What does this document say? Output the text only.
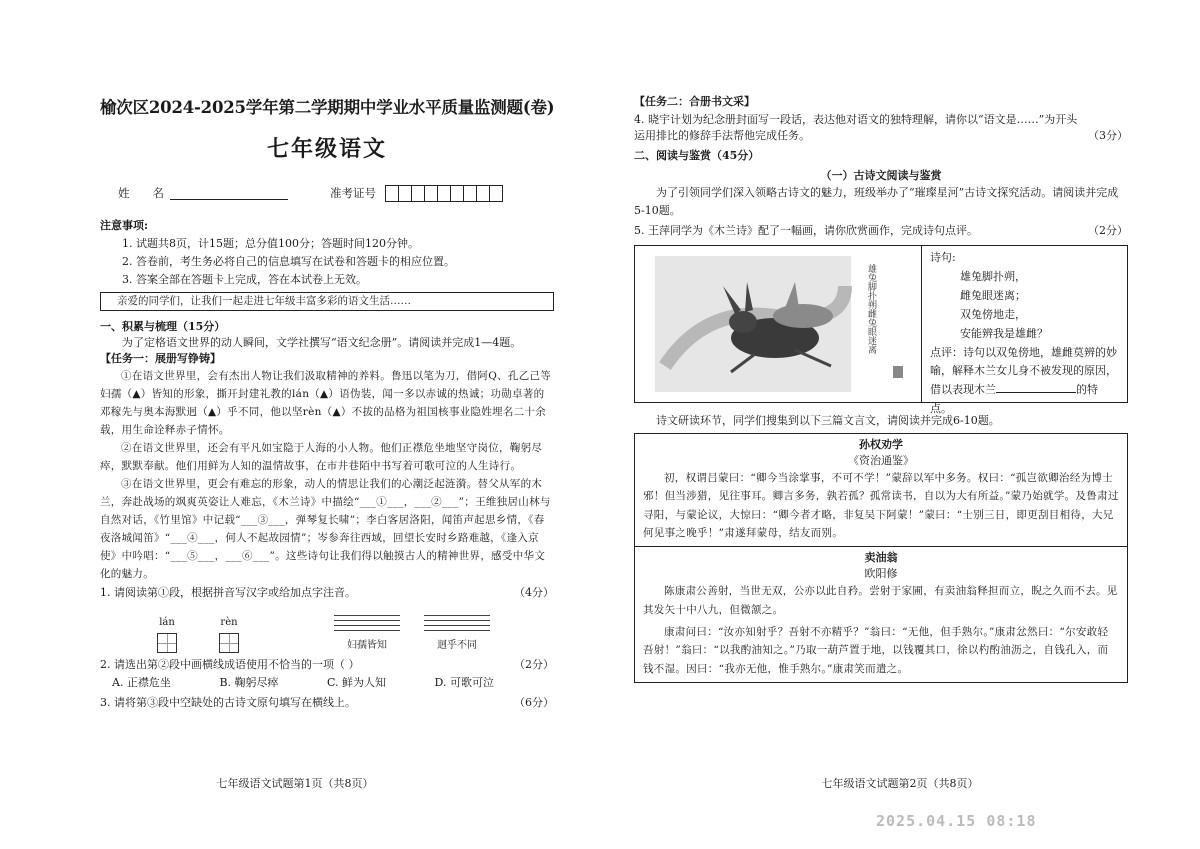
榆次区2024-2025学年第二学期期中学业水平质量监测题(卷)
七年级语文
姓　　名	准考证号

注意事项:

1. 试题共8页，计15题；总分值100分；答题时间120分钟。

2. 答卷前，考生务必将自己的信息填写在试卷和答题卡的相应位置。

3. 答案全部在答题卡上完成，答在本试卷上无效。

亲爱的同学们，让我们一起走进七年级丰富多彩的语文生活……

一、积累与梳理（15分）

为了定格语文世界的动人瞬间，文学社撰写“语文纪念册”。请阅读并完成1—4题。

【任务一：展册写铮铸】

①在语文世界里，会有杰出人物让我们汲取精神的养料。鲁迅以笔为刀，借阿Q、孔乙己等妇孺（▲）皆知的形象，撕开封建礼教的lán（▲）语伪装，闻一多以赤诚的热诚；功勋卓著的邓稼先与奥本海默迥（▲）乎不同，他以坚rèn（▲）不拔的品格为祖国核事业隐姓埋名二十余载，用生命诠释赤子情怀。

②在语文世界里，还会有平凡如宝隐于人海的小人物。他们正襟危坐地坚守岗位，鞠躬尽瘁，默默奉献。他们用鲜为人知的温情故事，在市井巷陌中书写着可歌可泣的人生诗行。

③在语文世界里，更会有难忘的形象，动人的情思让我们的心潮泛起涟漪。替父从军的木兰，奔赴战场的飒爽英姿让人难忘，《木兰诗》中描绘“___①___，___②___”；王维独居山林与自然对话，《竹里馆》中记载“___③___，弹琴复长啸”；李白客居洛阳，闻笛声起思乡情，《春夜洛城闻笛》“___④___，何人不起故园情”；岑参奔往西域，回望长安时乡路难越，《逢入京使》中吟唱：“___⑤___，___⑥___”。这些诗句让我们得以触摸古人的精神世界，感受中华文化的魅力。

1. 请阅读第①段，根据拼音写汉字或给加点字注音。	（4分）
lán	rèn
妇孺皆知	迥乎不同
2. 请选出第②段中画横线成语使用不恰当的一项（ ）	（2分）
A. 正襟危坐	B. 鞠躬尽瘁	C. 鲜为人知	D. 可歌可泣
3. 请将第③段中空缺处的古诗文原句填写在横线上。	（6分）
七年级语文试题第1页（共8页）

【任务二：合册书文采】

4. 晓宇计划为纪念册封面写一段话，表达他对语文的独特理解，请你以“语文是……”为开头运用排比的修辞手法帮他完成任务。	（3分）

二、阅读与鉴赏（45分）

（一）古诗文阅读与鉴赏

为了引领同学们深入领略古诗文的魅力，班级举办了“璀璨星河”古诗文探究活动。请阅读并完成5-10题。

5. 王萍同学为《木兰诗》配了一幅画，请你欣赏画作，完成诗句点评。	（2分）
雄兔脚扑朔雌兔眼迷离
诗句:
雄兔脚扑朔，
雌兔眼迷离；
双兔傍地走，
安能辨我是雄雌？
点评：诗句以双兔傍地，雄雌莫辨的妙喻，解释木兰女儿身不被发现的原因，借以表现木兰	的特点。

诗文研读环节，同学们搜集到以下三篇文言文，请阅读并完成6-10题。

孙权劝学
《资治通鉴》

初，权谓吕蒙曰：“卿今当涂掌事，不可不学！”蒙辞以军中多务。权曰：“孤岂欲卿治经为博士邪！但当涉猎，见往事耳。卿言多务，孰若孤？孤常读书，自以为大有所益。”蒙乃始就学。及鲁肃过寻阳，与蒙论议，大惊曰：“卿今者才略，非复吴下阿蒙！”蒙曰：“士别三日，即更刮目相待，大兄何见事之晚乎！”肃遂拜蒙母，结友而别。

卖油翁
欧阳修

陈康肃公善射，当世无双，公亦以此自矜。尝射于家圃，有卖油翁释担而立，睨之久而不去。见其发矢十中八九，但微颔之。

康肃问曰：“汝亦知射乎？吾射不亦精乎？”翁曰：“无他，但手熟尔。”康肃忿然曰：“尔安敢轻吾射！”翁曰：“以我酌油知之。”乃取一葫芦置于地，以钱覆其口，徐以杓酌油沥之，自钱孔入，而钱不湿。因曰：“我亦无他，惟手熟尔。”康肃笑而遣之。

七年级语文试题第2页（共8页）
2025.04.15 08:18
